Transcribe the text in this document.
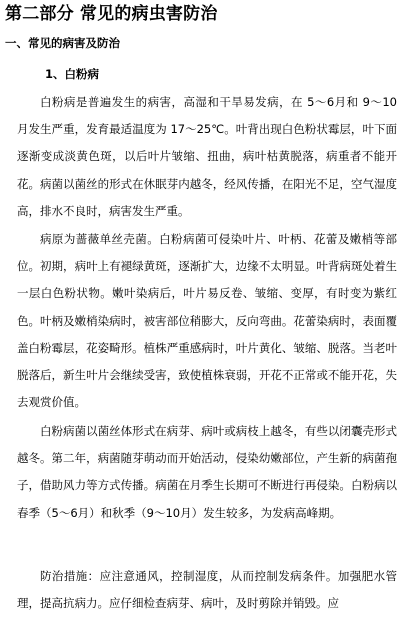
第二部分 常见的病虫害防治
一、常见的病害及防治
1、白粉病

白粉病是普遍发生的病害，高湿和干旱易发病，在 5～6月和 9～10 月发生严重，发育最适温度为 17～25℃。叶背出现白色粉状霉层，叶下面逐渐变成淡黄色斑，以后叶片皱缩、扭曲，病叶枯黄脱落，病重者不能开花。病菌以菌丝的形式在休眠芽内越冬，经风传播，在阳光不足，空气湿度高，排水不良时，病害发生严重。

病原为蔷薇单丝壳菌。白粉病菌可侵染叶片、叶柄、花蕾及嫩梢等部位。初期，病叶上有褪绿黄斑，逐渐扩大，边缘不太明显。叶背病斑处着生一层白色粉状物。嫩叶染病后，叶片易反卷、皱缩、变厚，有时变为紫红色。叶柄及嫩梢染病时，被害部位稍膨大，反向弯曲。花蕾染病时，表面覆盖白粉霉层，花姿畸形。植株严重感病时，叶片黄化、皱缩、脱落。当老叶脱落后，新生叶片会继续受害，致使植株衰弱，开花不正常或不能开花，失去观赏价值。

白粉病菌以菌丝体形式在病芽、病叶或病枝上越冬，有些以闭囊壳形式越冬。第二年，病菌随芽萌动而开始活动，侵染幼嫩部位，产生新的病菌孢子，借助风力等方式传播。病菌在月季生长期可不断进行再侵染。白粉病以春季（5～6月）和秋季（9～10月）发生较多，为发病高峰期。

防治措施：应注意通风，控制湿度，从而控制发病条件。加强肥水管理，提高抗病力。应仔细检查病芽、病叶，及时剪除并销毁。应
